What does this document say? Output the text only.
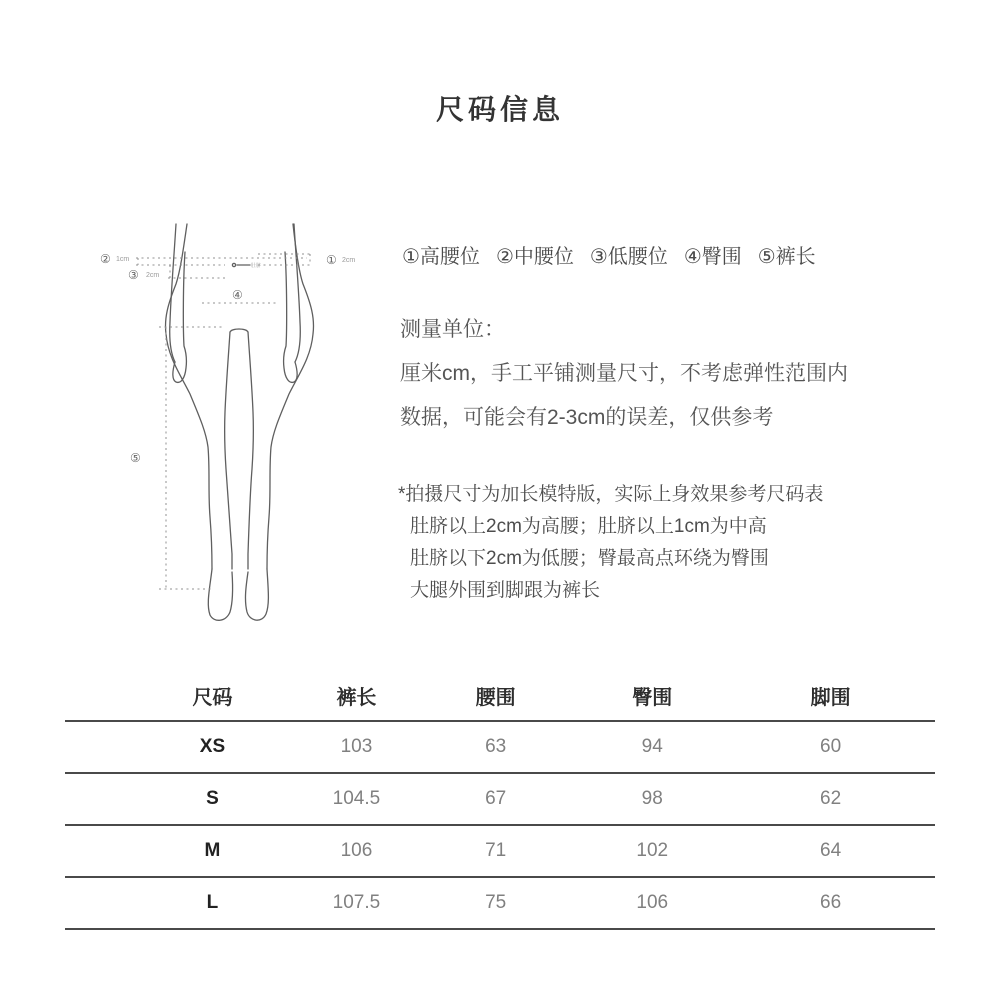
尺码信息
肚脐	①
②
③
④
⑤
2cm
1cm
2cm
①高腰位 ②中腰位 ③低腰位 ④臀围 ⑤裤长

测量单位：

厘米cm，手工平铺测量尺寸，不考虑弹性范围内

数据，可能会有2-3cm的误差，仅供参考

*拍摄尺寸为加长模特版，实际上身效果参考尺码表

肚脐以上2cm为高腰；肚脐以上1cm为中高

肚脐以下2cm为低腰；臀最高点环绕为臀围

大腿外围到脚跟为裤长

尺码	裤长	腰围	臀围	脚围
XS	103	63	94	60
S	104.5	67	98	62
M	106	71	102	64
L	107.5	75	106	66
